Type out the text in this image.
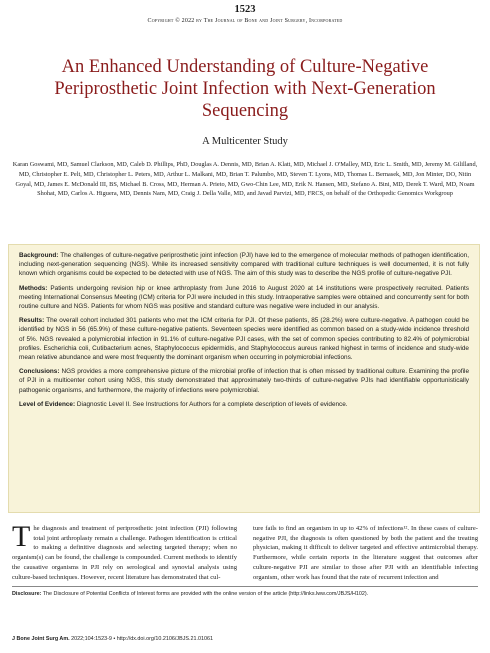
1523
Copyright © 2022 by The Journal of Bone and Joint Surgery, Incorporated
An Enhanced Understanding of Culture-Negative Periprosthetic Joint Infection with Next-Generation Sequencing
A Multicenter Study
Karan Goswami, MD, Samuel Clarkson, MD, Caleb D. Phillips, PhD, Douglas A. Dennis, MD, Brian A. Klatt, MD, Michael J. O'Malley, MD, Eric L. Smith, MD, Jeremy M. Gililland, MD, Christopher E. Pelt, MD, Christopher L. Peters, MD, Arthur L. Malkani, MD, Brian T. Palumbo, MD, Steven T. Lyons, MD, Thomas L. Bernasek, MD, Jon Minter, DO, Nitin Goyal, MD, James E. McDonald III, BS, Michael B. Cross, MD, Herman A. Prieto, MD, Gwo-Chin Lee, MD, Erik N. Hansen, MD, Stefano A. Bini, MD, Derek T. Ward, MD, Noam Shohat, MD, Carlos A. Higuera, MD, Dennis Nam, MD, Craig J. Della Valle, MD, and Javad Parvizi, MD, FRCS, on behalf of the Orthopedic Genomics Workgroup

Background: The challenges of culture-negative periprosthetic joint infection (PJI) have led to the emergence of molecular methods of pathogen identification, including next-generation sequencing (NGS). While its increased sensitivity compared with traditional culture techniques is well documented, it is not fully known which organisms could be expected to be detected with use of NGS. The aim of this study was to describe the NGS profile of culture-negative PJI.

Methods: Patients undergoing revision hip or knee arthroplasty from June 2016 to August 2020 at 14 institutions were prospectively recruited. Patients meeting International Consensus Meeting (ICM) criteria for PJI were included in this study. Intraoperative samples were obtained and concurrently sent for both routine culture and NGS. Patients for whom NGS was positive and standard culture was negative were included in our analysis.

Results: The overall cohort included 301 patients who met the ICM criteria for PJI. Of these patients, 85 (28.2%) were culture-negative. A pathogen could be identified by NGS in 56 (65.9%) of these culture-negative patients. Seventeen species were identified as common based on a study-wide incidence threshold of 5%. NGS revealed a polymicrobial infection in 91.1% of culture-negative PJI cases, with the set of common species contributing to 82.4% of polymicrobial profiles. Escherichia coli, Cutibacterium acnes, Staphylococcus epidermidis, and Staphylococcus aureus ranked highest in terms of incidence and study-wide mean relative abundance and were most frequently the dominant organism when occurring in polymicrobial infections.

Conclusions: NGS provides a more comprehensive picture of the microbial profile of infection that is often missed by traditional culture. Examining the profile of PJI in a multicenter cohort using NGS, this study demonstrated that approximately two-thirds of culture-negative PJIs had identifiable opportunistically pathogenic organisms, and furthermore, the majority of infections were polymicrobial.

Level of Evidence: Diagnostic Level II. See Instructions for Authors for a complete description of levels of evidence.

T he diagnosis and treatment of periprosthetic joint infection (PJI) following total joint arthroplasty remain a challenge. Pathogen identification is critical to making a definitive diagnosis and selecting targeted therapy; when no organism(s) can be found, the challenge is compounded. Current methods to identify the causative organisms in PJI rely on serological and synovial analysis using culture-based techniques. However, recent literature has demonstrated that cul-
ture fails to find an organism in up to 42% of infections¹². In these cases of culture-negative PJI, the diagnosis is often questioned by both the patient and the treating physician, making it difficult to deliver targeted and effective antimicrobial therapy. Furthermore, while certain reports in the literature suggest that outcomes after culture-negative PJI are similar to those after PJI with an identifiable infecting organism, other work has found that the rate of recurrent infection and
Disclosure: The Disclosure of Potential Conflicts of Interest forms are provided with the online version of the article (http://links.lww.com/JBJS/H102).
J Bone Joint Surg Am. 2022;104:1523-9 • http://dx.doi.org/10.2106/JBJS.21.01061
